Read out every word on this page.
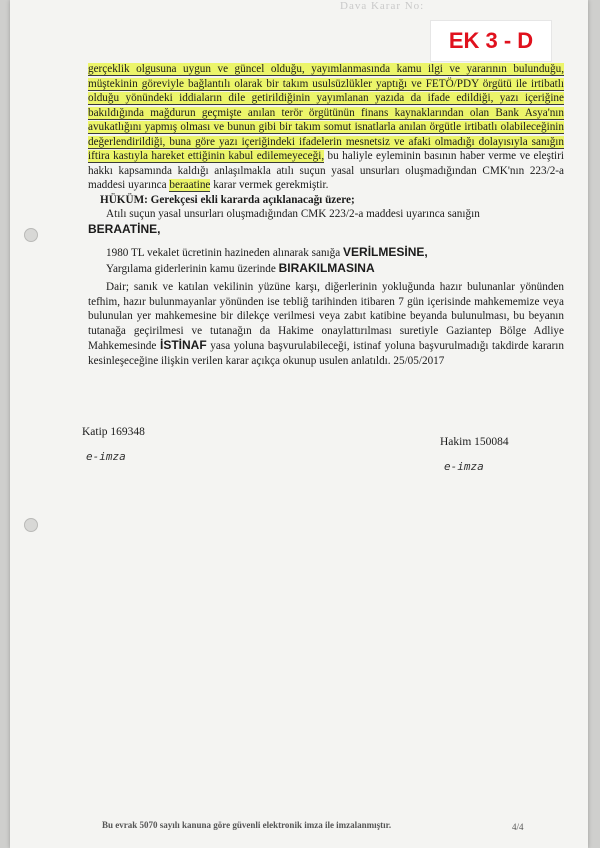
Dava Karar No:
EK 3 - D

gerçeklik olgusuna uygun ve güncel olduğu, yayımlanmasında kamu ilgi ve yararının bulunduğu, müştekinin göreviyle bağlantılı olarak bir takım usulsüzlükler yaptığı ve FETÖ/PDY örgütü ile irtibatlı olduğu yönündeki iddiaların dile getirildiğinin yayımlanan yazıda da ifade edildiği, yazı içeriğine bakıldığında mağdurun geçmişte anılan terör örgütünün finans kaynaklarından olan Bank Asya'nın avukatlığını yapmış olması ve bunun gibi bir takım somut isnatlarla anılan örgütle irtibatlı olabileceğinin değerlendirildiği, buna göre yazı içeriğindeki ifadelerin mesnetsiz ve afaki olmadığı dolayısıyla sanığın iftira kastıyla hareket ettiğinin kabul edilemeyeceği, bu haliyle eyleminin basının haber verme ve eleştiri hakkı kapsamında kaldığı anlaşılmakla atılı suçun yasal unsurları oluşmadığından CMK'nın 223/2-a maddesi uyarınca beraatine karar vermek gerekmiştir.

HÜKÜM: Gerekçesi ekli kararda açıklanacağı üzere;

Atılı suçun yasal unsurları oluşmadığından CMK 223/2-a maddesi uyarınca sanığın
BERAATİNE,

1980 TL vekalet ücretinin hazineden alınarak sanığa VERİLMESİNE,

Yargılama giderlerinin kamu üzerinde BIRAKILMASINA

Dair; sanık ve katılan vekilinin yüzüne karşı, diğerlerinin yokluğunda hazır bulunanlar yönünden tefhim, hazır bulunmayanlar yönünden ise tebliğ tarihinden itibaren 7 gün içerisinde mahkememize veya bulunulan yer mahkemesine bir dilekçe verilmesi veya zabıt katibine beyanda bulunulması, bu beyanın tutanağa geçirilmesi ve tutanağın da Hakime onaylattırılması suretiyle Gaziantep Bölge Adliye Mahkemesinde İSTİNAF yasa yoluna başvurulabileceği, istinaf yoluna başvurulmadığı takdirde kararın kesinleşeceğine ilişkin verilen karar açıkça okunup usulen anlatıldı. 25/05/2017

Katip 169348
e-imza
Hakim 150084
e-imza
Bu evrak 5070 sayılı kanuna göre güvenli elektronik imza ile imzalanmıştır.	4/4
